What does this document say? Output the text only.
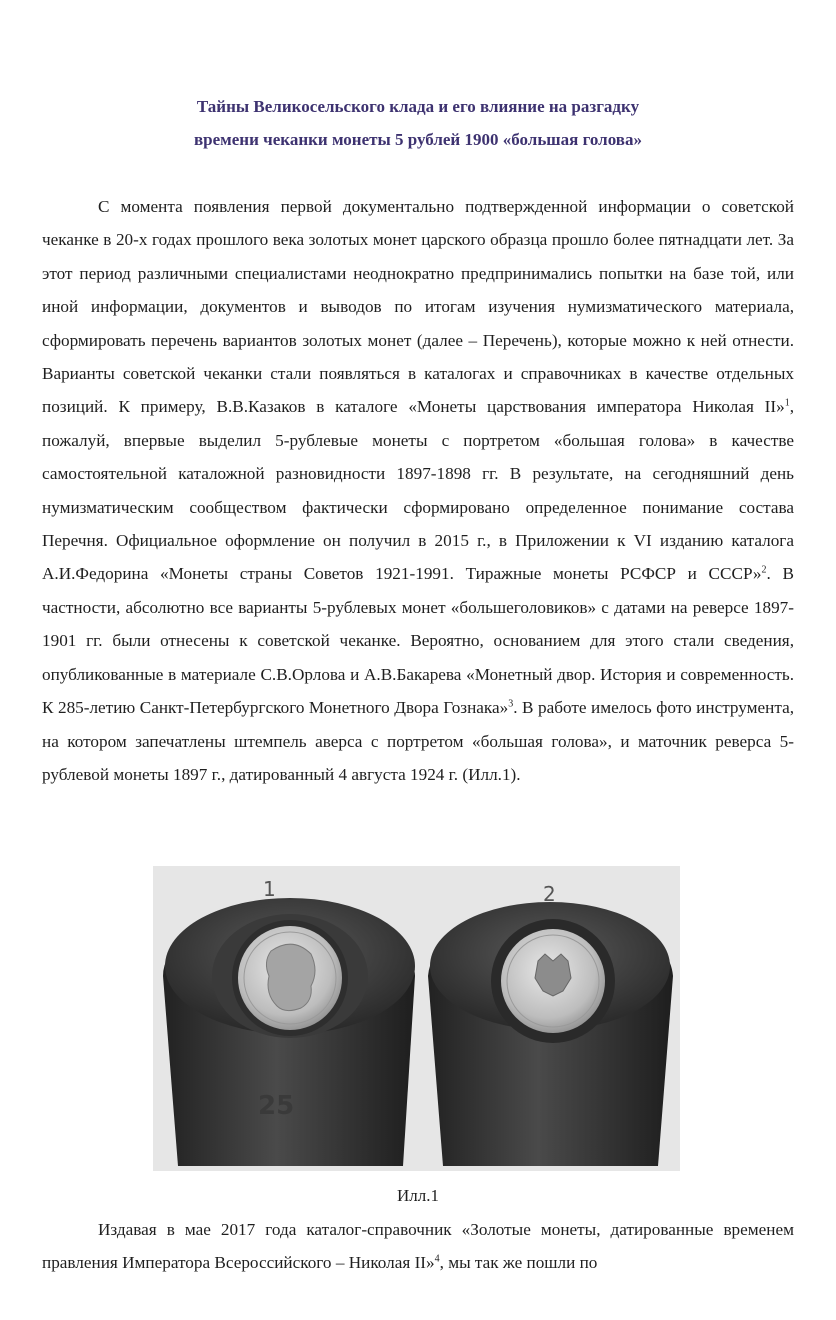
Тайны Великосельского клада и его влияние на разгадку
времени чеканки монеты 5 рублей 1900 «большая голова»

С момента появления первой документально подтвержденной информации о советской чеканке в 20-х годах прошлого века золотых монет царского образца прошло более пятнадцати лет. За этот период различными специалистами неоднократно предпринимались попытки на базе той, или иной информации, документов и выводов по итогам изучения нумизматического материала, сформировать перечень вариантов золотых монет (далее – Перечень), которые можно к ней отнести. Варианты советской чеканки стали появляться в каталогах и справочниках в качестве отдельных позиций. К примеру, В.В.Казаков в каталоге «Монеты царствования императора Николая II»$^1$, пожалуй, впервые выделил 5-рублевые монеты с портретом «большая голова» в качестве самостоятельной каталожной разновидности 1897-1898 гг. В результате, на сегодняшний день нумизматическим сообществом фактически сформировано определенное понимание состава Перечня. Официальное оформление он получил в 2015 г., в Приложении к VI изданию каталога А.И.Федорина «Монеты страны Советов 1921-1991. Тиражные монеты РСФСР и СССР»$^2$. В частности, абсолютно все варианты 5-рублевых монет «большеголовиков» с датами на реверсе 1897-1901 гг. были отнесены к советской чеканке. Вероятно, основанием для этого стали сведения, опубликованные в материале С.В.Орлова и А.В.Бакарева «Монетный двор. История и современность. К 285-летию Санкт-Петербургского Монетного Двора Гознака»$^3$. В работе имелось фото инструмента, на котором запечатлены штемпель аверса с портретом «большая голова», и маточник реверса 5-рублевой монеты 1897 г., датированный 4 августа 1924 г. (Илл.1).

1
25
2
Илл.1

Издавая в мае 2017 года каталог-справочник «Золотые монеты, датированные временем правления Императора Всероссийского – Николая II»$^4$, мы так же пошли по
